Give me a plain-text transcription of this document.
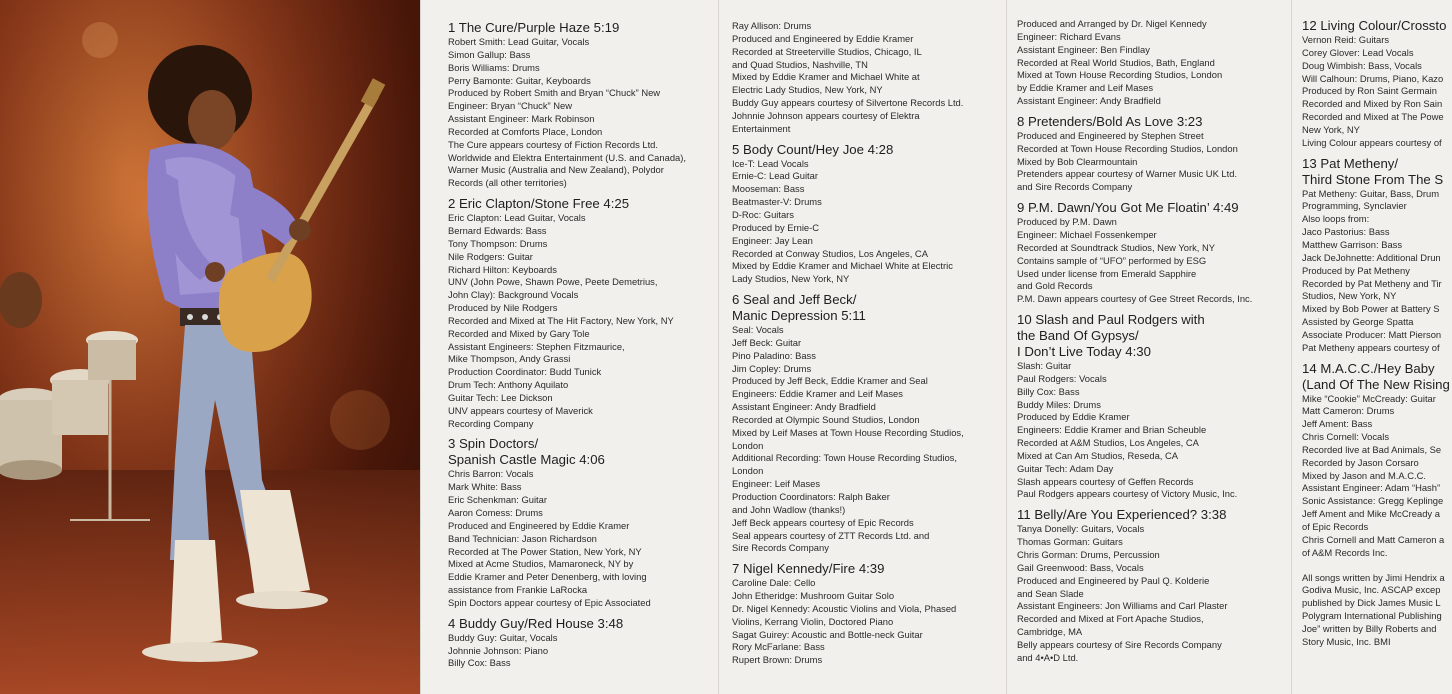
1 The Cure/Purple Haze 5:19
Robert Smith: Lead Guitar, Vocals
Simon Gallup: Bass
Boris Williams: Drums
Perry Bamonte: Guitar, Keyboards
Produced by Robert Smith and Bryan “Chuck” New
Engineer: Bryan “Chuck” New
Assistant Engineer: Mark Robinson
Recorded at Comforts Place, London
The Cure appears courtesy of Fiction Records Ltd.
Worldwide and Elektra Entertainment (U.S. and Canada),
Warner Music (Australia and New Zealand), Polydor
Records (all other territories)
2 Eric Clapton/Stone Free 4:25
Eric Clapton: Lead Guitar, Vocals
Bernard Edwards: Bass
Tony Thompson: Drums
Nile Rodgers: Guitar
Richard Hilton: Keyboards
UNV (John Powe, Shawn Powe, Peete Demetrius,
John Clay): Background Vocals
Produced by Nile Rodgers
Recorded and Mixed at The Hit Factory, New York, NY
Recorded and Mixed by Gary Tole
Assistant Engineers: Stephen Fitzmaurice,
Mike Thompson, Andy Grassi
Production Coordinator: Budd Tunick
Drum Tech: Anthony Aquilato
Guitar Tech: Lee Dickson
UNV appears courtesy of Maverick
Recording Company
3 Spin Doctors/
Spanish Castle Magic 4:06
Chris Barron: Vocals
Mark White: Bass
Eric Schenkman: Guitar
Aaron Comess: Drums
Produced and Engineered by Eddie Kramer
Band Technician: Jason Richardson
Recorded at The Power Station, New York, NY
Mixed at Acme Studios, Mamaroneck, NY by
Eddie Kramer and Peter Denenberg, with loving
assistance from Frankie LaRocka
Spin Doctors appear courtesy of Epic Associated
4 Buddy Guy/Red House 3:48
Buddy Guy: Guitar, Vocals
Johnnie Johnson: Piano
Billy Cox: Bass
Ray Allison: Drums
Produced and Engineered by Eddie Kramer
Recorded at Streeterville Studios, Chicago, IL
and Quad Studios, Nashville, TN
Mixed by Eddie Kramer and Michael White at
Electric Lady Studios, New York, NY
Buddy Guy appears courtesy of Silvertone Records Ltd.
Johnnie Johnson appears courtesy of Elektra
Entertainment
5 Body Count/Hey Joe 4:28
Ice-T: Lead Vocals
Ernie-C: Lead Guitar
Mooseman: Bass
Beatmaster-V: Drums
D-Roc: Guitars
Produced by Ernie-C
Engineer: Jay Lean
Recorded at Conway Studios, Los Angeles, CA
Mixed by Eddie Kramer and Michael White at Electric
Lady Studios, New York, NY
6 Seal and Jeff Beck/
Manic Depression 5:11
Seal: Vocals
Jeff Beck: Guitar
Pino Paladino: Bass
Jim Copley: Drums
Produced by Jeff Beck, Eddie Kramer and Seal
Engineers: Eddie Kramer and Leif Mases
Assistant Engineer: Andy Bradfield
Recorded at Olympic Sound Studios, London
Mixed by Leif Mases at Town House Recording Studios,
London
Additional Recording: Town House Recording Studios,
London
Engineer: Leif Mases
Production Coordinators: Ralph Baker
and John Wadlow (thanks!)
Jeff Beck appears courtesy of Epic Records
Seal appears courtesy of ZTT Records Ltd. and
Sire Records Company
7 Nigel Kennedy/Fire 4:39
Caroline Dale: Cello
John Etheridge: Mushroom Guitar Solo
Dr. Nigel Kennedy: Acoustic Violins and Viola, Phased
Violins, Kerrang Violin, Doctored Piano
Sagat Guirey: Acoustic and Bottle-neck Guitar
Rory McFarlane: Bass
Rupert Brown: Drums
Produced and Arranged by Dr. Nigel Kennedy
Engineer: Richard Evans
Assistant Engineer: Ben Findlay
Recorded at Real World Studios, Bath, England
Mixed at Town House Recording Studios, London
by Eddie Kramer and Leif Mases
Assistant Engineer: Andy Bradfield
8 Pretenders/Bold As Love 3:23
Produced and Engineered by Stephen Street
Recorded at Town House Recording Studios, London
Mixed by Bob Clearmountain
Pretenders appear courtesy of Warner Music UK Ltd.
and Sire Records Company
9 P.M. Dawn/You Got Me Floatin’ 4:49
Produced by P.M. Dawn
Engineer: Michael Fossenkemper
Recorded at Soundtrack Studios, New York, NY
Contains sample of “UFO” performed by ESG
Used under license from Emerald Sapphire
and Gold Records
P.M. Dawn appears courtesy of Gee Street Records, Inc.
10 Slash and Paul Rodgers with
the Band Of Gypsys/
I Don’t Live Today 4:30
Slash: Guitar
Paul Rodgers: Vocals
Billy Cox: Bass
Buddy Miles: Drums
Produced by Eddie Kramer
Engineers: Eddie Kramer and Brian Scheuble
Recorded at A&M Studios, Los Angeles, CA
Mixed at Can Am Studios, Reseda, CA
Guitar Tech: Adam Day
Slash appears courtesy of Geffen Records
Paul Rodgers appears courtesy of Victory Music, Inc.
11 Belly/Are You Experienced? 3:38
Tanya Donelly: Guitars, Vocals
Thomas Gorman: Guitars
Chris Gorman: Drums, Percussion
Gail Greenwood: Bass, Vocals
Produced and Engineered by Paul Q. Kolderie
and Sean Slade
Assistant Engineers: Jon Williams and Carl Plaster
Recorded and Mixed at Fort Apache Studios,
Cambridge, MA
Belly appears courtesy of Sire Records Company
and 4•A•D Ltd.
12 Living Colour/Crossto
Vernon Reid: Guitars
Corey Glover: Lead Vocals
Doug Wimbish: Bass, Vocals
Will Calhoun: Drums, Piano, Kazo
Produced by Ron Saint Germain
Recorded and Mixed by Ron Sain
Recorded and Mixed at The Powe
New York, NY
Living Colour appears courtesy of
13 Pat Metheny/
Third Stone From The S
Pat Metheny: Guitar, Bass, Drum
Programming, Synclavier
Also loops from:
Jaco Pastorius: Bass
Matthew Garrison: Bass
Jack DeJohnette: Additional Drun
Produced by Pat Metheny
Recorded by Pat Metheny and Tir
Studios, New York, NY
Mixed by Bob Power at Battery S
Assisted by George Spatta
Associate Producer: Matt Pierson
Pat Metheny appears courtesy of
14 M.A.C.C./Hey Baby
(Land Of The New Rising
Mike “Cookie” McCready: Guitar
Matt Cameron: Drums
Jeff Ament: Bass
Chris Cornell: Vocals
Recorded live at Bad Animals, Se
Recorded by Jason Corsaro
Mixed by Jason and M.A.C.C.
Assistant Engineer: Adam “Hash”
Sonic Assistance: Gregg Keplinge
Jeff Ament and Mike McCready a
of Epic Records
Chris Cornell and Matt Cameron a
of A&M Records Inc.
All songs written by Jimi Hendrix a
Godiva Music, Inc. ASCAP excep
published by Dick James Music L
Polygram International Publishing
Joe” written by Billy Roberts and
Story Music, Inc. BMI
